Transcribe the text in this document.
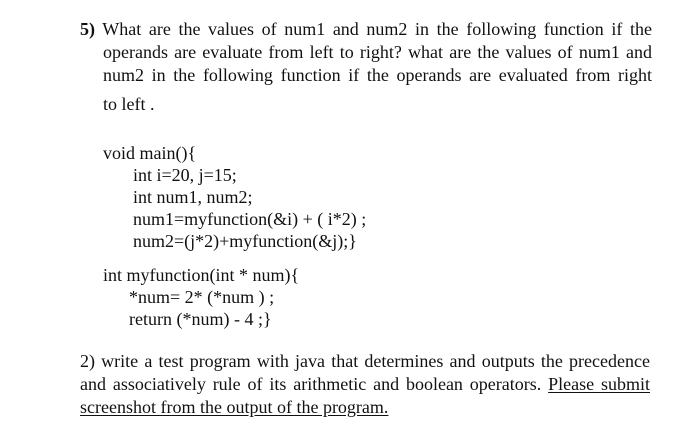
5) What are the values of num1 and num2 in the following function if the
operands are evaluate from left to right? what are the values of num1 and
num2 in the following function if the operands are evaluated from right
to left .
void main(){
int i=20, j=15;
int num1, num2;
num1=myfunction(&i) + ( i*2) ;
num2=(j*2)+myfunction(&j);}
int myfunction(int * num){
*num= 2* (*num ) ;
return (*num) - 4 ;}
2) write a test program with java that determines and outputs the precedence
and associatively rule of its arithmetic and boolean operators. Please submit
screenshot from the output of the program.
